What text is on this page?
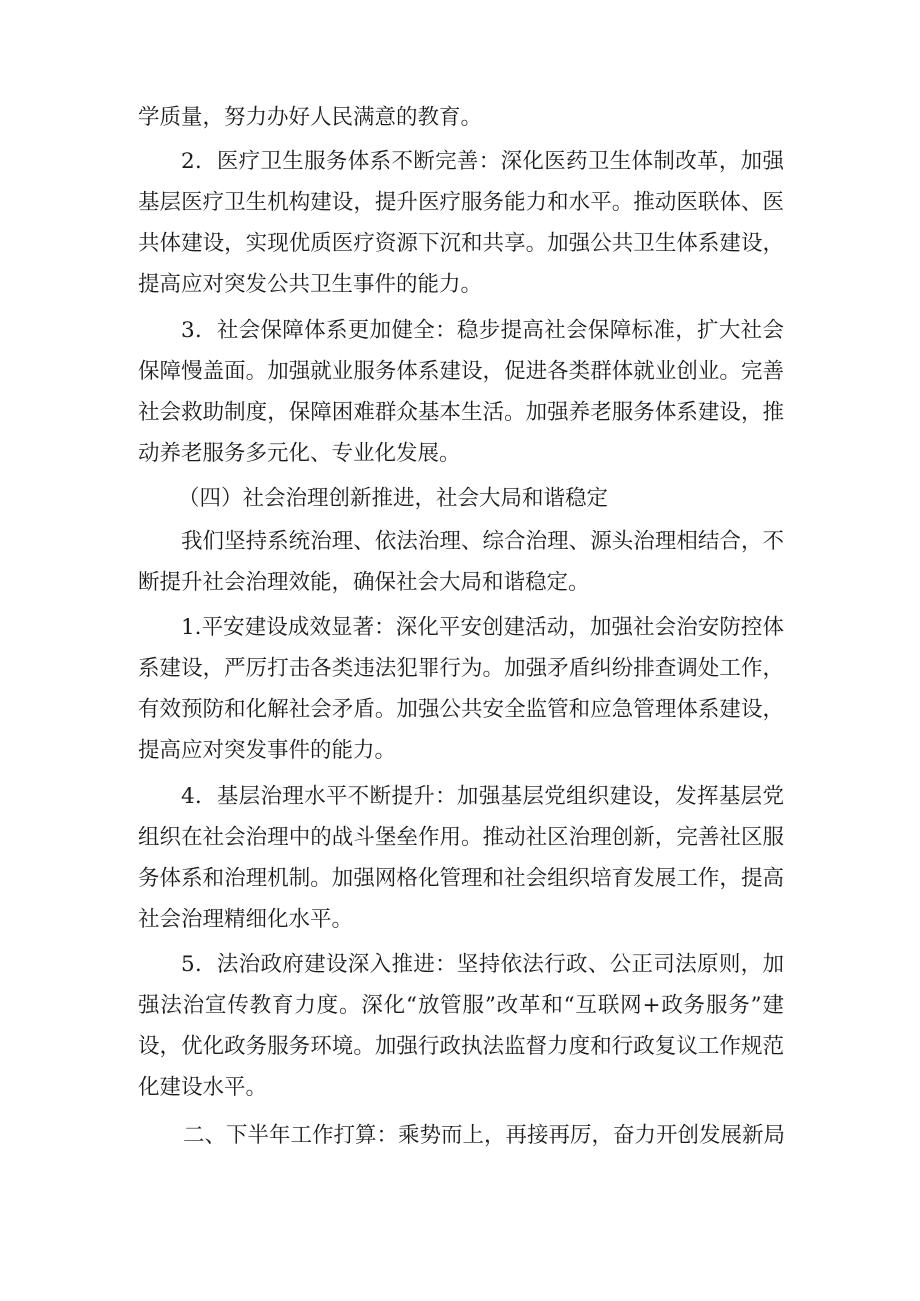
学质量，努力办好人民满意的教育。

2．医疗卫生服务体系不断完善：深化医药卫生体制改革，加强基层医疗卫生机构建设，提升医疗服务能力和水平。推动医联体、医共体建设，实现优质医疗资源下沉和共享。加强公共卫生体系建设，提高应对突发公共卫生事件的能力。

3．社会保障体系更加健全：稳步提高社会保障标准，扩大社会保障慢盖面。加强就业服务体系建设，促进各类群体就业创业。完善社会救助制度，保障困难群众基本生活。加强养老服务体系建设，推动养老服务多元化、专业化发展。

（四）社会治理创新推进，社会大局和谐稳定

我们坚持系统治理、依法治理、综合治理、源头治理相结合，不断提升社会治理效能，确保社会大局和谐稳定。

1.平安建设成效显著：深化平安创建活动，加强社会治安防控体系建设，严厉打击各类违法犯罪行为。加强矛盾纠纷排查调处工作，有效预防和化解社会矛盾。加强公共安全监管和应急管理体系建设，提高应对突发事件的能力。

4．基层治理水平不断提升：加强基层党组织建设，发挥基层党组织在社会治理中的战斗堡垒作用。推动社区治理创新，完善社区服务体系和治理机制。加强网格化管理和社会组织培育发展工作，提高社会治理精细化水平。

5．法治政府建设深入推进：坚持依法行政、公正司法原则，加强法治宣传教育力度。深化“放管服”改革和“互联网+政务服务”建设，优化政务服务环境。加强行政执法监督力度和行政复议工作规范化建设水平。

二、下半年工作打算：乘势而上，再接再厉，奋力开创发展新局
